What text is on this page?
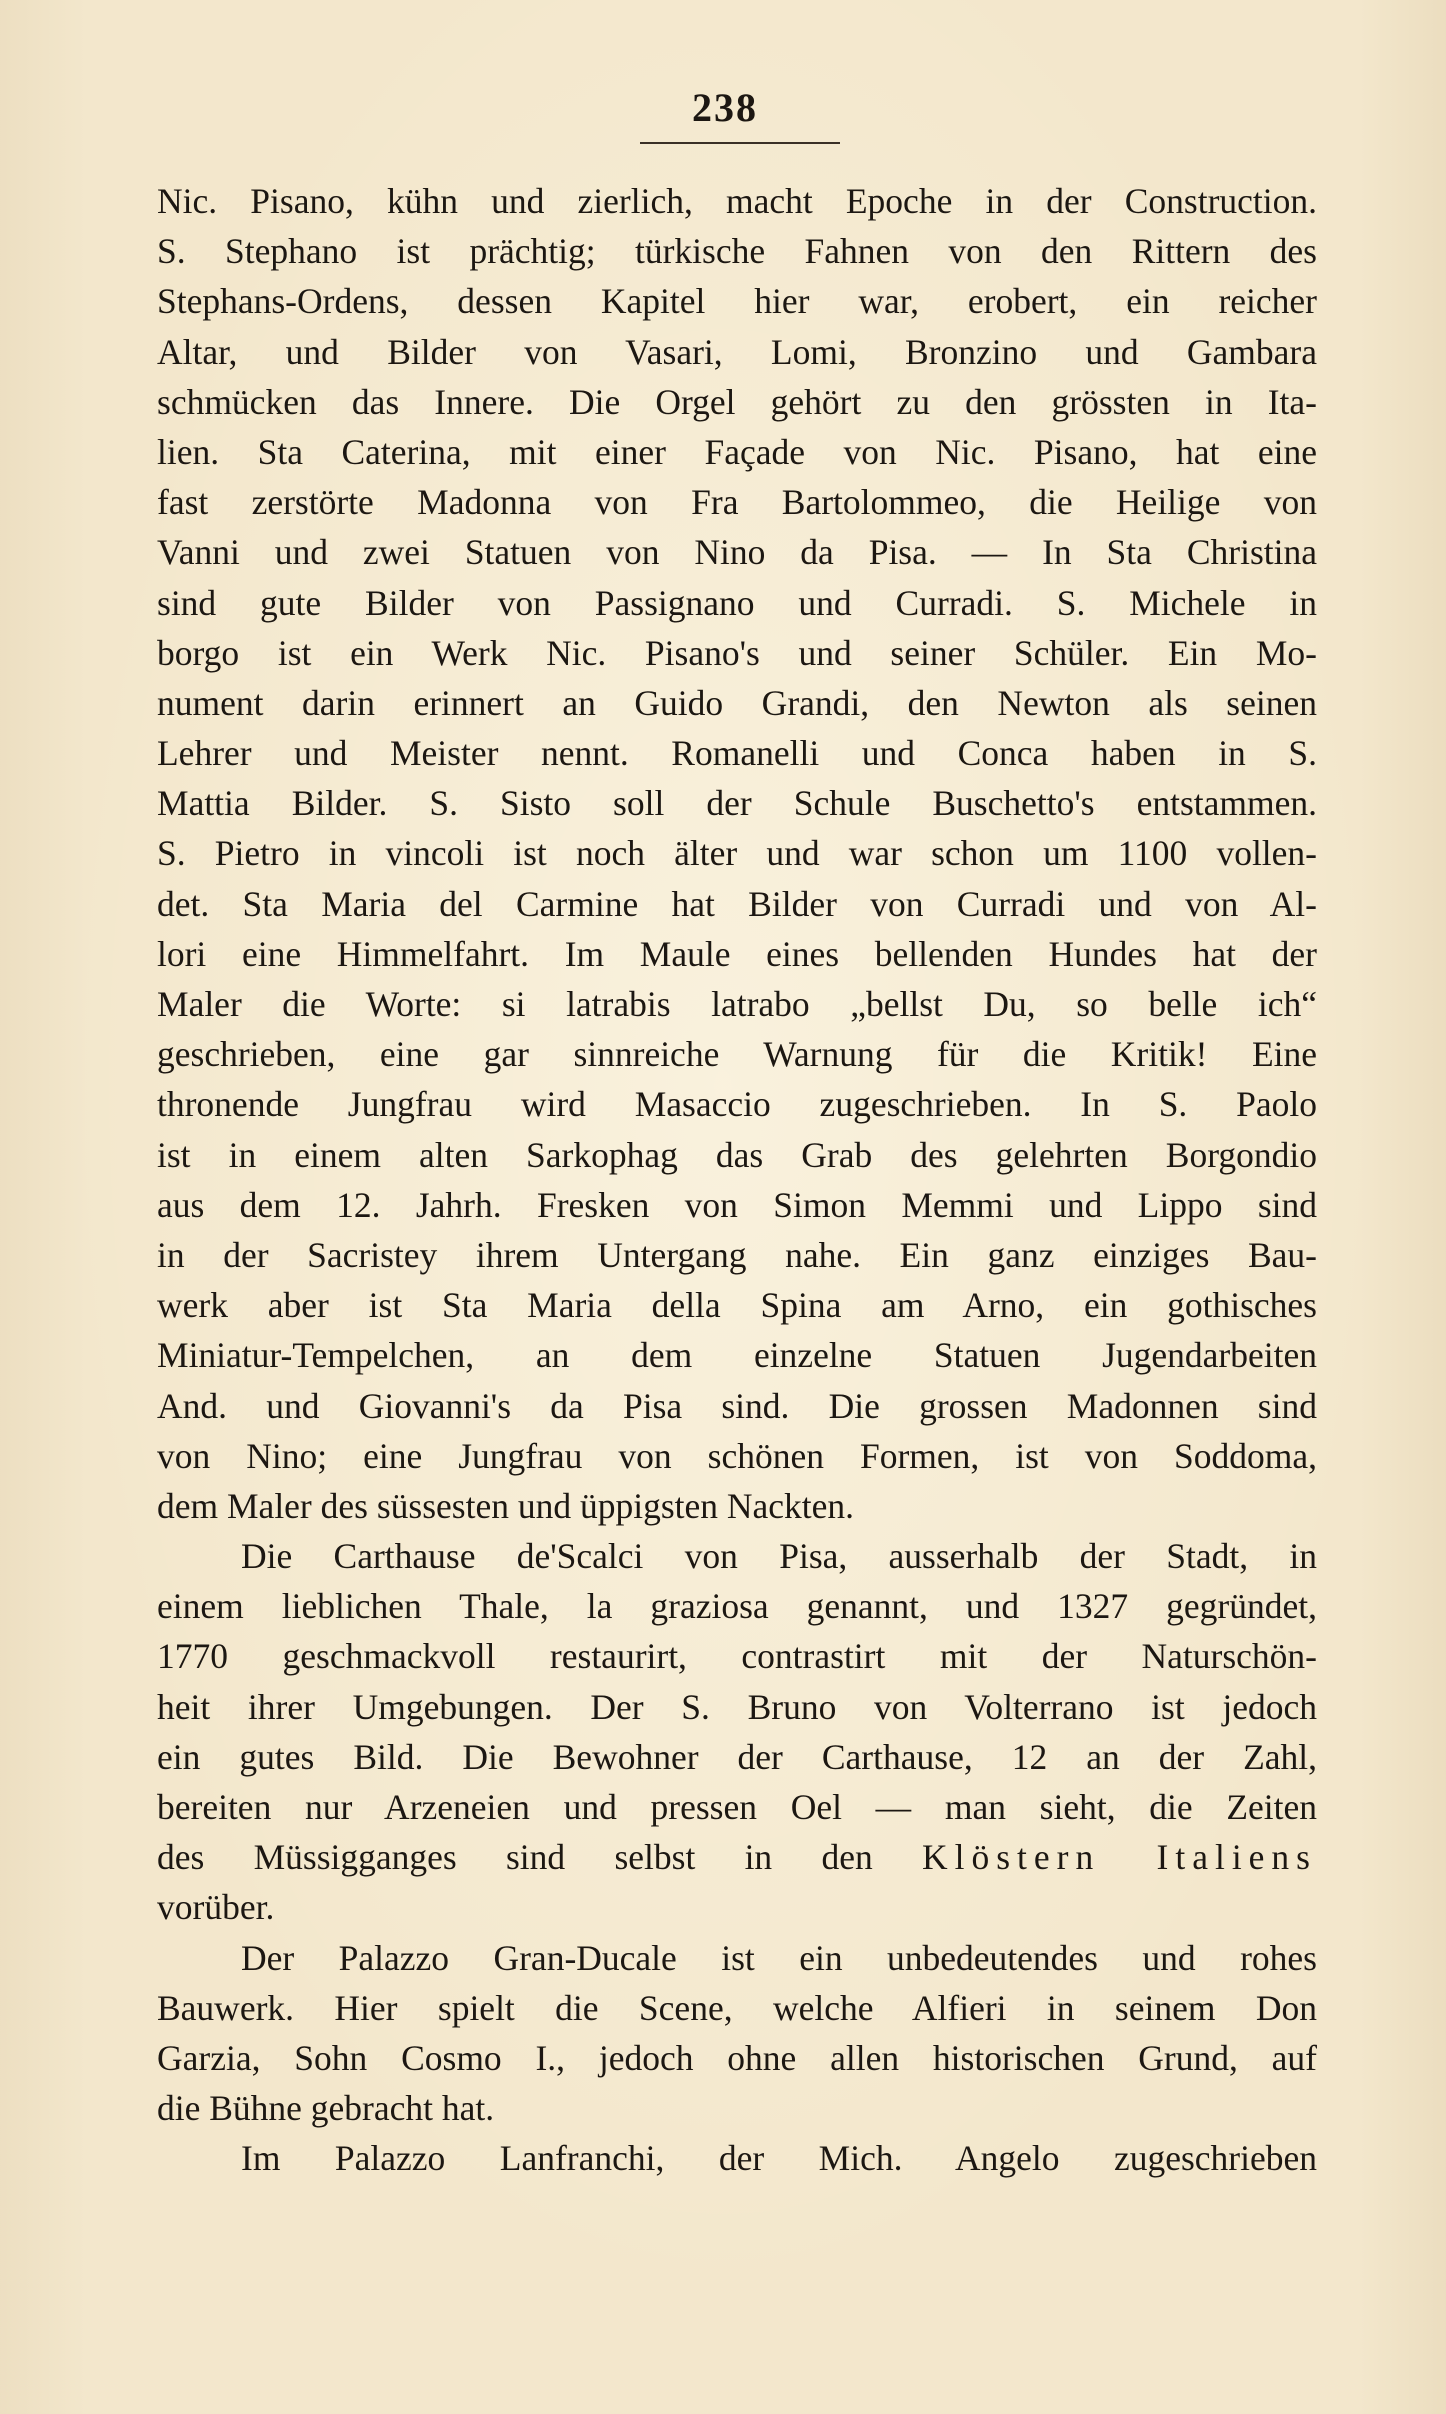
238
Nic. Pisano, kühn und zierlich, macht Epoche in der Construction.
S. Stephano ist prächtig; türkische Fahnen von den Rittern des
Stephans-Ordens, dessen Kapitel hier war, erobert, ein reicher
Altar, und Bilder von Vasari, Lomi, Bronzino und Gambara
schmücken das Innere. Die Orgel gehört zu den grössten in Ita-
lien. Sta Caterina, mit einer Façade von Nic. Pisano, hat eine
fast zerstörte Madonna von Fra Bartolommeo, die Heilige von
Vanni und zwei Statuen von Nino da Pisa. — In Sta Christina
sind gute Bilder von Passignano und Curradi. S. Michele in
borgo ist ein Werk Nic. Pisano's und seiner Schüler. Ein Mo-
nument darin erinnert an Guido Grandi, den Newton als seinen
Lehrer und Meister nennt. Romanelli und Conca haben in S.
Mattia Bilder. S. Sisto soll der Schule Buschetto's entstammen.
S. Pietro in vincoli ist noch älter und war schon um 1100 vollen-
det. Sta Maria del Carmine hat Bilder von Curradi und von Al-
lori eine Himmelfahrt. Im Maule eines bellenden Hundes hat der
Maler die Worte: si latrabis latrabo „bellst Du, so belle ich“
geschrieben, eine gar sinnreiche Warnung für die Kritik! Eine
thronende Jungfrau wird Masaccio zugeschrieben. In S. Paolo
ist in einem alten Sarkophag das Grab des gelehrten Borgondio
aus dem 12. Jahrh. Fresken von Simon Memmi und Lippo sind
in der Sacristey ihrem Untergang nahe. Ein ganz einziges Bau-
werk aber ist Sta Maria della Spina am Arno, ein gothisches
Miniatur-Tempelchen, an dem einzelne Statuen Jugendarbeiten
And. und Giovanni's da Pisa sind. Die grossen Madonnen sind
von Nino; eine Jungfrau von schönen Formen, ist von Soddoma,
dem Maler des süssesten und üppigsten Nackten.
Die Carthause de'Scalci von Pisa, ausserhalb der Stadt, in
einem lieblichen Thale, la graziosa genannt, und 1327 gegründet,
1770 geschmackvoll restaurirt, contrastirt mit der Naturschön-
heit ihrer Umgebungen. Der S. Bruno von Volterrano ist jedoch
ein gutes Bild. Die Bewohner der Carthause, 12 an der Zahl,
bereiten nur Arzeneien und pressen Oel — man sieht, die Zeiten
des Müssigganges sind selbst in den Klöstern Italiens
vorüber.
Der Palazzo Gran-Ducale ist ein unbedeutendes und rohes
Bauwerk. Hier spielt die Scene, welche Alfieri in seinem Don
Garzia, Sohn Cosmo I., jedoch ohne allen historischen Grund, auf
die Bühne gebracht hat.
Im Palazzo Lanfranchi, der Mich. Angelo zugeschrieben
